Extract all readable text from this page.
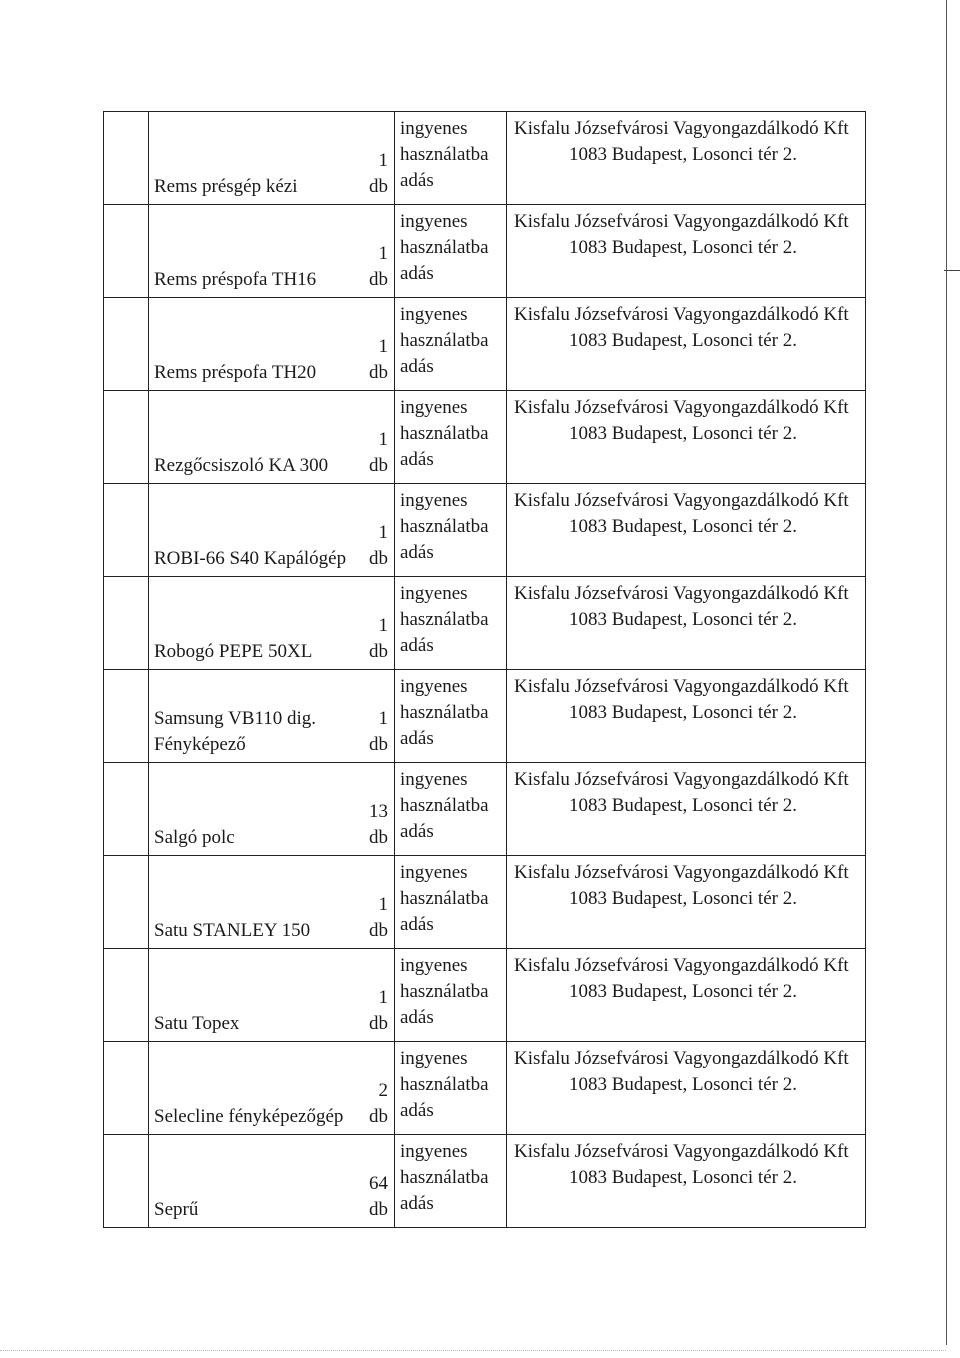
	Rems présgép kézi
1
db	ingyenes
használatba
adás	Kisfalu Józsefvárosi Vagyongazdálkodó Kft
1083 Budapest, Losonci tér 2.

	Rems préspofa TH16
1
db	ingyenes
használatba
adás	Kisfalu Józsefvárosi Vagyongazdálkodó Kft
1083 Budapest, Losonci tér 2.

	Rems préspofa TH20
1
db	ingyenes
használatba
adás	Kisfalu Józsefvárosi Vagyongazdálkodó Kft
1083 Budapest, Losonci tér 2.

	Rezgőcsiszoló KA 300
1
db	ingyenes
használatba
adás	Kisfalu Józsefvárosi Vagyongazdálkodó Kft
1083 Budapest, Losonci tér 2.

	ROBI-66 S40 Kapálógép
1
db	ingyenes
használatba
adás	Kisfalu Józsefvárosi Vagyongazdálkodó Kft
1083 Budapest, Losonci tér 2.

	Robogó PEPE 50XL
1
db	ingyenes
használatba
adás	Kisfalu Józsefvárosi Vagyongazdálkodó Kft
1083 Budapest, Losonci tér 2.

	Samsung VB110 dig.
Fényképező
1
db	ingyenes
használatba
adás	Kisfalu Józsefvárosi Vagyongazdálkodó Kft
1083 Budapest, Losonci tér 2.

	Salgó polc
13
db	ingyenes
használatba
adás	Kisfalu Józsefvárosi Vagyongazdálkodó Kft
1083 Budapest, Losonci tér 2.

	Satu STANLEY 150
1
db	ingyenes
használatba
adás	Kisfalu Józsefvárosi Vagyongazdálkodó Kft
1083 Budapest, Losonci tér 2.

	Satu Topex
1
db	ingyenes
használatba
adás	Kisfalu Józsefvárosi Vagyongazdálkodó Kft
1083 Budapest, Losonci tér 2.

	Selecline fényképezőgép
2
db	ingyenes
használatba
adás	Kisfalu Józsefvárosi Vagyongazdálkodó Kft
1083 Budapest, Losonci tér 2.

	Seprű
64
db	ingyenes
használatba
adás	Kisfalu Józsefvárosi Vagyongazdálkodó Kft
1083 Budapest, Losonci tér 2.
